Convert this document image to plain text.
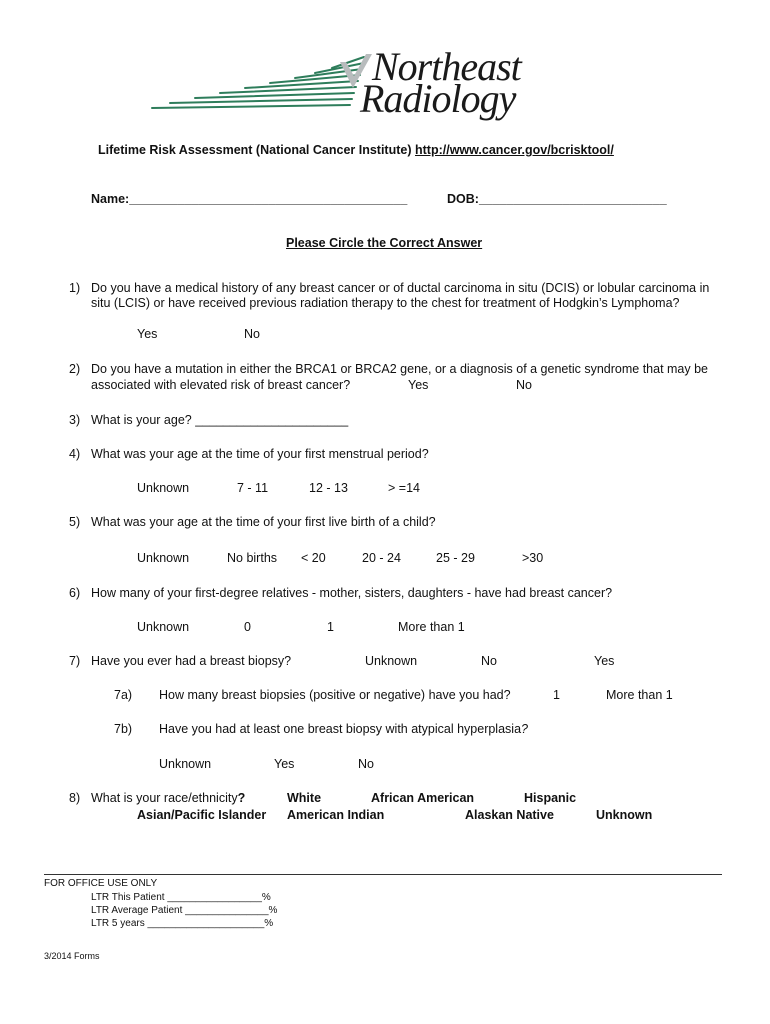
Northeast
Radiology
Lifetime Risk Assessment (National Cancer Institute) http://www.cancer.gov/bcrisktool/
Name:________________________________________	DOB:___________________________
Please Circle the Correct Answer
1) Do you have a medical history of any breast cancer or of ductal carcinoma in situ (DCIS) or lobular carcinoma in
situ (LCIS) or have received previous radiation therapy to the chest for treatment of Hodgkin’s Lymphoma?
Yes	No
2) Do you have a mutation in either the BRCA1 or BRCA2 gene, or a diagnosis of a genetic syndrome that may be
associated with elevated risk of breast cancer?	Yes	No
3) What is your age? ______________________
4) What was your age at the time of your first menstrual period?
Unknown	7 - 11	12 - 13	> =14
5) What was your age at the time of your first live birth of a child?
Unknown	No births < 20	20 - 24	25 - 29	>30
6) How many of your first-degree relatives - mother, sisters, daughters - have had breast cancer?
Unknown	0	1	More than 1
7) Have you ever had a breast biopsy?	Unknown	No	Yes
7a) How many breast biopsies (positive or negative) have you had?	1	More than 1
7b) Have you had at least one breast biopsy with atypical hyperplasia?
Unknown	Yes	No
8) What is your race/ethnicity?	White	African American	Hispanic
Asian/Pacific Islander American Indian	Alaskan Native	Unknown
FOR OFFICE USE ONLY
LTR This Patient _________________%
LTR Average Patient _______________%
LTR 5 years _____________________%
3/2014 Forms
